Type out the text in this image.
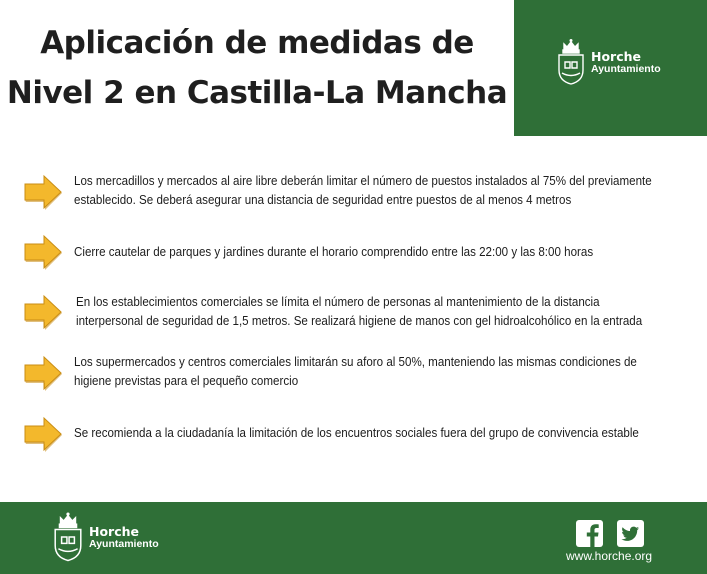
Aplicación de medidas de
Nivel 2 en Castilla-La Mancha
Horche
Ayuntamiento
Los mercadillos y mercados al aire libre deberán limitar el número de puestos instalados al 75% del previamente
establecido. Se deberá asegurar una distancia de seguridad entre puestos de al menos 4 metros
Cierre cautelar de parques y jardines durante el horario comprendido entre las 22:00 y las 8:00 horas
En los establecimientos comerciales se límita el número de personas al mantenimiento de la distancia
interpersonal de seguridad de 1,5 metros. Se realizará higiene de manos con gel hidroalcohólico en la entrada
Los supermercados y centros comerciales limitarán su aforo al 50%, manteniendo las mismas condiciones de
higiene previstas para el pequeño comercio
Se recomienda a la ciudadanía la limitación de los encuentros sociales fuera del grupo de convivencia estable
Horche
Ayuntamiento
www.horche.org
